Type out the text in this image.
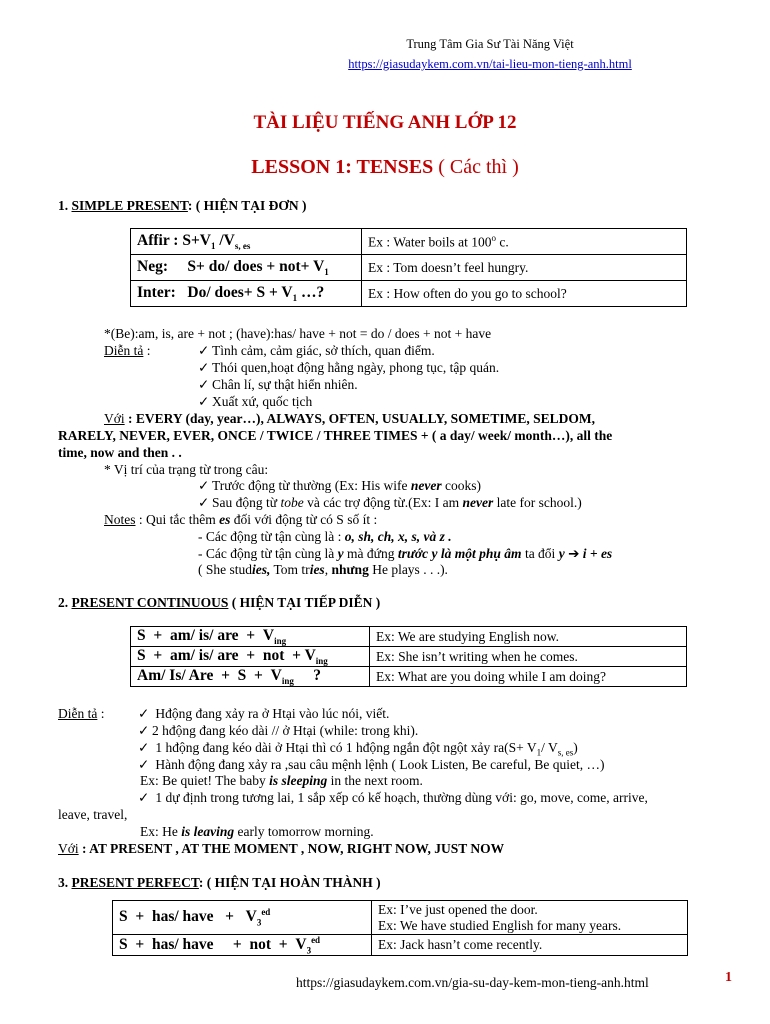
Trung Tâm Gia Sư Tài Năng Việt
https://giasudaykem.com.vn/tai-lieu-mon-tieng-anh.html
TÀI LIỆU TIẾNG ANH LỚP 12
LESSON 1: TENSES ( Các thì )
1. SIMPLE PRESENT: ( HIỆN TẠI ĐƠN )
Affir : $S+V_1$ $/V_{s, es}$	Ex : Water boils at 100$^o$ c.
Neg:     S+ do/ does + $not+ V_1$	Ex : Tom doesn’t feel hungry.
Inter:   Do/ does+ $S + V_1$ …?	Ex : How often do you go to school?
*(Be):am, is, are + not ; (have):has/ have + not = do / does + not + have
Diễn tả :	✓ Tình cảm, cảm giác, sở thích, quan điểm.
✓ Thói quen,hoạt động hằng ngày, phong tục, tập quán.
✓ Chân lí, sự thật hiển nhiên.
✓ Xuất xứ, quốc tịch
Với : EVERY (day, year…), ALWAYS, OFTEN, USUALLY, SOMETIME, SELDOM,
RARELY, NEVER, EVER, ONCE / TWICE / THREE TIMES + ( a day/ week/ month…), all the
time, now and then . .
* Vị trí của trạng từ trong câu:
✓ Trước động từ thường (Ex: His wife never cooks)
✓ Sau động từ tobe và các trợ động từ.(Ex: I am never late for school.)
Notes : Qui tắc thêm es đối với động từ có S số ít :
- Các động từ tận cùng là : o, sh, ch, x, s, và z .
- Các động từ tận cùng là y mà đứng trước y là một phụ âm ta đổi y ➔ i + es
( She studies, Tom tries, nhưng He plays . . .).
2. PRESENT CONTINUOUS ( HIỆN TẠI TIẾP DIỄN )
S  +  am/ is/ are  +  $V_{ing}$	Ex: We are studying English now.
S  +  am/ is/ are  +  not  + $V_{ing}$	Ex: She isn’t writing when he comes.
Am/ Is/ Are  +  $S + V_{ing}$     ?	Ex: What are you doing while I am doing?
Diễn tả : ✓ Hđộng đang xảy ra ở Htại vào lúc nói, viết.
✓ 2 hđộng đang kéo dài // ở Htại (while: trong khi).
✓ 1 hđộng đang kéo dài ở Htại thì có 1 hđộng ngắn đột ngột xảy $ra(S+ V_1/$ $V_{s, es}$)
✓ Hành động đang xảy ra ,sau câu mệnh lệnh ( Look Listen, Be careful, Be quiet, …)
Ex: Be quiet! The baby is sleeping in the next room.
✓ 1 dự định trong tương lai, 1 sắp xếp có kế hoạch, thường dùng với: go, move, come, arrive,
leave, travel,
Ex: He is leaving early tomorrow morning.
Với : AT PRESENT , AT THE MOMENT , NOW, RIGHT NOW, JUST NOW
3. PRESENT PERFECT: ( HIỆN TẠI HOÀN THÀNH )
S  +  has/ have   +   $V_3^{ed}$	Ex: I’ve just opened the door.
Ex: We have studied English for many years.

S  +  has/ have     +  not  +  $V_3^{ed}$	Ex: Jack hasn’t come recently.
https://giasudaykem.com.vn/gia-su-day-kem-mon-tieng-anh.html	1
